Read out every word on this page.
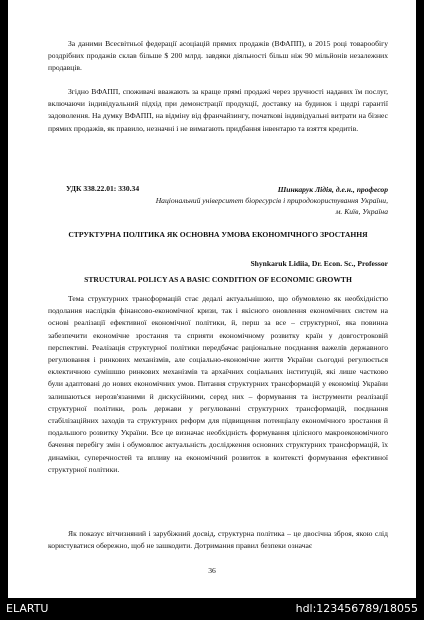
За даними Всесвітньої федерації асоціацій прямих продажів (ВФАПП), в 2015 році товарообігу роздрібних продажів склав більше $ 200 млрд. завдяки діяльності більш ніж 90 мільйонів незалежних продавців.

Згідно ВФАПП, споживачі вважають за краще прямі продажі через зручності наданих їм послуг, включаючи індивідуальний підхід при демонстрації продукції, доставку на будинок і щедрі гарантії задоволення. На думку ВФАПП, на відміну від франчайзингу, початкові індивідуальні витрати на бізнес прямих продажів, як правило, незначні і не вимагають придбання інвентарю та взяття кредитів.

УДК 338.22.01: 330.34	Шинкарук Лідія, д.е.н., професор
Національний університет біоресурсів і природокористування України,
м. Київ, Україна
СТРУКТУРНА ПОЛІТИКА ЯК ОСНОВНА УМОВА ЕКОНОМІЧНОГО ЗРОСТАННЯ
Shynkaruk Lidiia, Dr. Econ. Sc., Professor
STRUCTURAL POLICY AS A BASIC CONDITION OF ECONOMIC GROWTH

Тема структурних трансформацій стає дедалі актуальнішою, що обумовлено як необхідністю подолання наслідків фінансово-економічної кризи, так і якісного оновлення економічних систем на основі реалізації ефективної економічної політики, й, перш за все – структурної, яка повинна забезпечити економічне зростання та сприяти економічному розвитку країн у довгостроковій перспективі. Реалізація структурної політики передбачає раціональне поєднання важелів державного регулювання і ринкових механізмів, але соціально-економічне життя України сьогодні регулюється еклектичною сумішшю ринкових механізмів та архаїчних соціальних інституцій, які лише частково були адаптовані до нових економічних умов. Питання структурних трансформацій у економіці України залишаються нерозв'язаними й дискусійними, серед них – формування та інструменти реалізації структурної політики, роль держави у регулюванні структурних трансформацій, поєднання стабілізаційних заходів та структурних реформ для підвищення потенціалу економічного зростання й подальшого розвитку України. Все це визначає необхідність формування цілісного макроекономічного бачення перебігу змін і обумовлює актуальність дослідження основних структурних трансформацій, їх динаміки, суперечностей та впливу на економічний розвиток в контексті формування ефективної структурної політики.

Як показує вітчизняний і зарубіжний досвід, структурна політика – це двосічна зброя, якою слід користуватися обережно, щоб не зашкодити. Дотримання правил безпеки означає

36
ELARTU	hdl:123456789/18055
